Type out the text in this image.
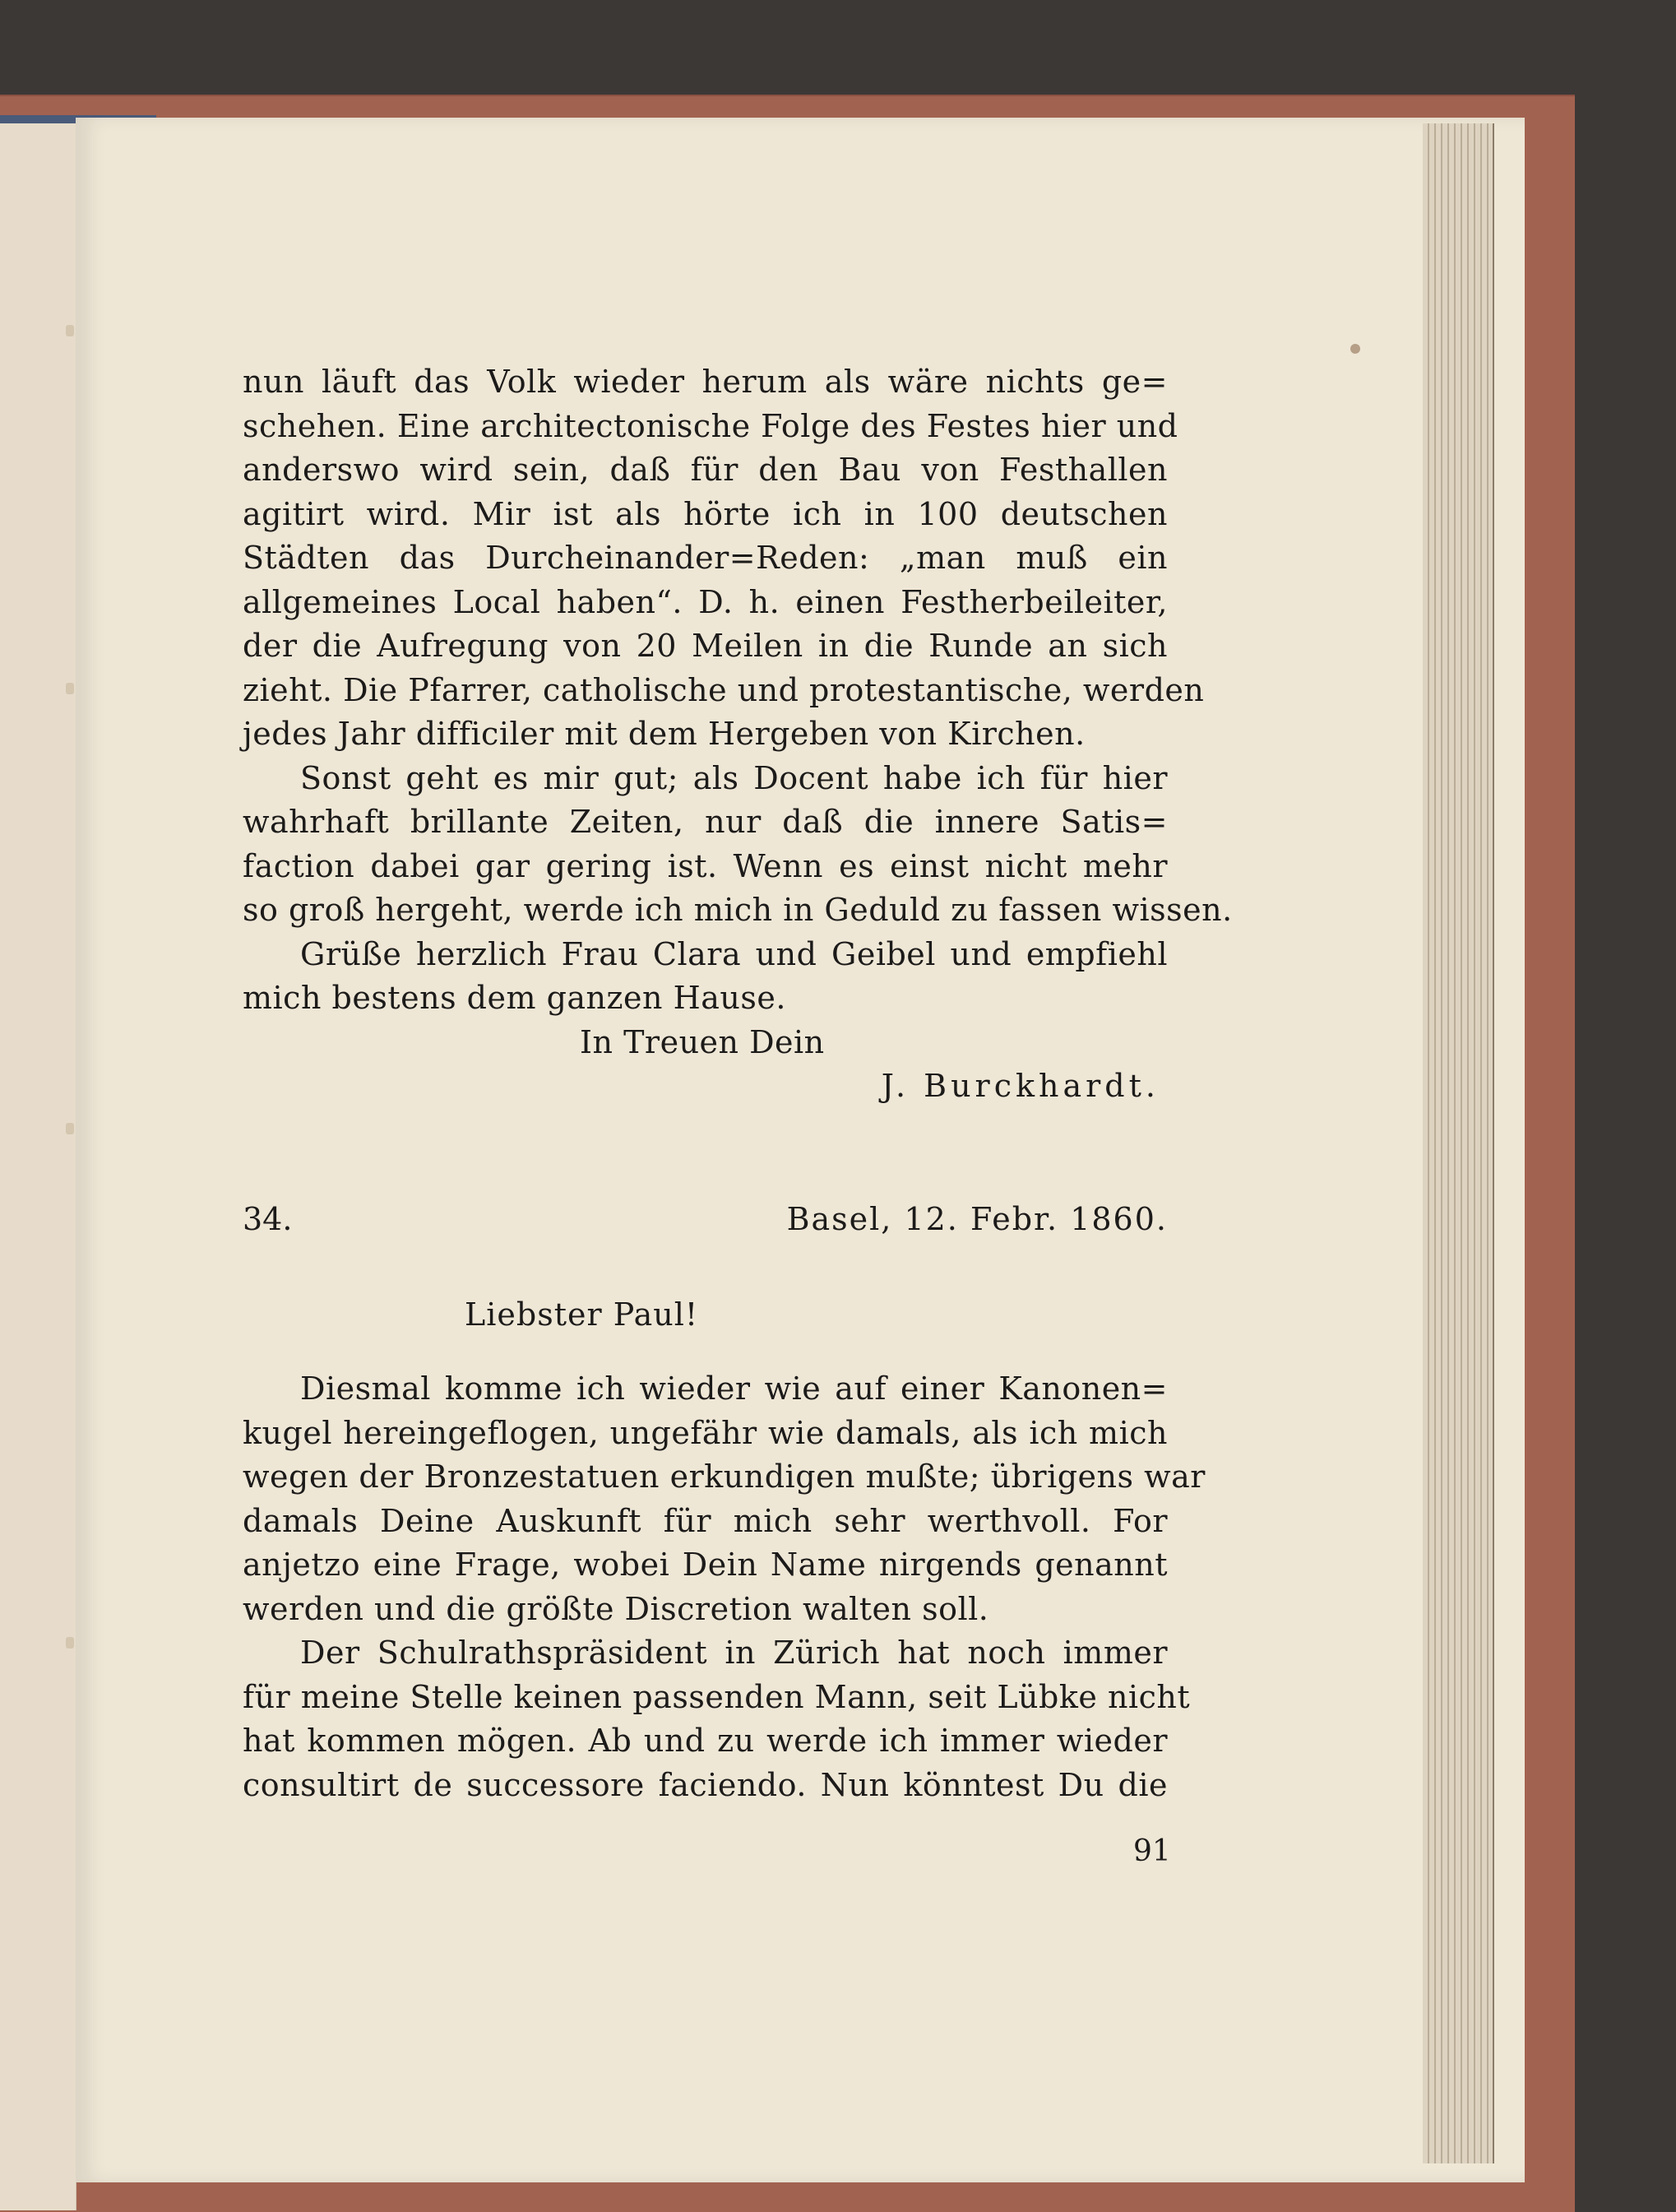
nun läuft das Volk wieder herum als wäre nichts ge=
schehen. Eine architectonische Folge des Festes hier und
anderswo wird sein, daß für den Bau von Festhallen
agitirt wird. Mir ist als hörte ich in 100 deutschen
Städten das Durcheinander=Reden: „man muß ein
allgemeines Local haben“. D. h. einen Festherbeileiter,
der die Aufregung von 20 Meilen in die Runde an sich
zieht. Die Pfarrer, catholische und protestantische, werden
jedes Jahr difficiler mit dem Hergeben von Kirchen.
Sonst geht es mir gut; als Docent habe ich für hier
wahrhaft brillante Zeiten, nur daß die innere Satis=
faction dabei gar gering ist. Wenn es einst nicht mehr
so groß hergeht, werde ich mich in Geduld zu fassen wissen.
Grüße herzlich Frau Clara und Geibel und empfiehl
mich bestens dem ganzen Hause.
In Treuen Dein
J. Burckhardt.
34.	Basel, 12. Febr. 1860.
Liebster Paul!
Diesmal komme ich wieder wie auf einer Kanonen=
kugel hereingeflogen, ungefähr wie damals, als ich mich
wegen der Bronzestatuen erkundigen mußte; übrigens war
damals Deine Auskunft für mich sehr werthvoll. For
anjetzo eine Frage, wobei Dein Name nirgends genannt
werden und die größte Discretion walten soll.
Der Schulrathspräsident in Zürich hat noch immer
für meine Stelle keinen passenden Mann, seit Lübke nicht
hat kommen mögen. Ab und zu werde ich immer wieder
consultirt de successore faciendo. Nun könntest Du die
91
